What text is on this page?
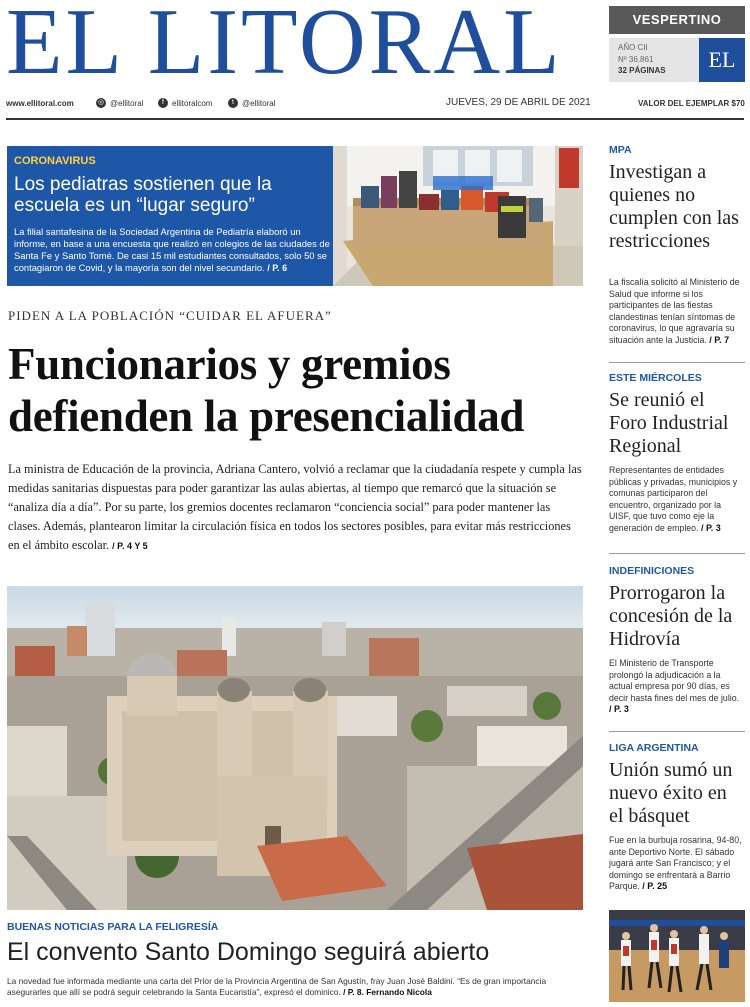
EL LITORAL	VESPERTINO
AÑO CII
Nº 36.861
32 PÁGINAS	EL
www.ellitoral.com	◎ @ellitoral	f	ellitoralcom	t	@ellitoral	JUEVES, 29 DE ABRIL DE 2021	VALOR DEL EJEMPLAR $70
CORONAVIRUS
Los pediatras sostienen que la escuela es un “lugar seguro”
La filial santafesina de la Sociedad Argentina de Pediatría elaboró un informe, en base a una encuesta que realizó en colegios de las ciudades de Santa Fe y Santo Tomé. De casi 15 mil estudiantes consultados, solo 50 se contagiaron de Covid, y la mayoría son del nivel secundario. / P. 6
PIDEN A LA POBLACIÓN “CUIDAR EL AFUERA”
Funcionarios y gremios defienden la presencialidad
La ministra de Educación de la provincia, Adriana Cantero, volvió a reclamar que la ciudadanía respete y cumpla las medidas sanitarias dispuestas para poder garantizar las aulas abiertas, al tiempo que remarcó que la situación se “analiza día a día”. Por su parte, los gremios docentes reclamaron “conciencia social” para poder mantener las clases. Además, plantearon limitar la circulación física en todos los sectores posibles, para evitar más restricciones en el ámbito escolar. / P. 4 Y 5
BUENAS NOTICIAS PARA LA FELIGRESÍA
El convento Santo Domingo seguirá abierto
La novedad fue informada mediante una carta del Prior de la Provincia Argentina de San Agustín, fray Juan José Baldini. “Es de gran importancia asegurarles que allí se podrá seguir celebrando la Santa Eucaristía”, expresó el dominico. / P. 8. Fernando Nicola
MPA
Investigan a quienes no cumplen con las restricciones
La fiscalía solicitó al Ministerio de Salud que informe si los participantes de las fiestas clandestinas tenían síntomas de coronavirus, lo que agravaría su situación ante la Justicia. / P. 7
ESTE MIÉRCOLES
Se reunió el Foro Industrial Regional
Representantes de entidades públicas y privadas, municipios y comunas participaron del encuentro, organizado por la UISF, que tuvo como eje la generación de empleo. / P. 3
INDEFINICIONES
Prorrogaron la concesión de la Hidrovía
El Ministerio de Transporte prolongó la adjudicación a la actual empresa por 90 días, es decir hasta fines del mes de julio. / P. 3
LIGA ARGENTINA
Unión sumó un nuevo éxito en el básquet
Fue en la burbuja rosarina, 94-80, ante Deportivo Norte. El sábado jugará ante San Francisco; y el domingo se enfrentará a Barrio Parque. / P. 25
